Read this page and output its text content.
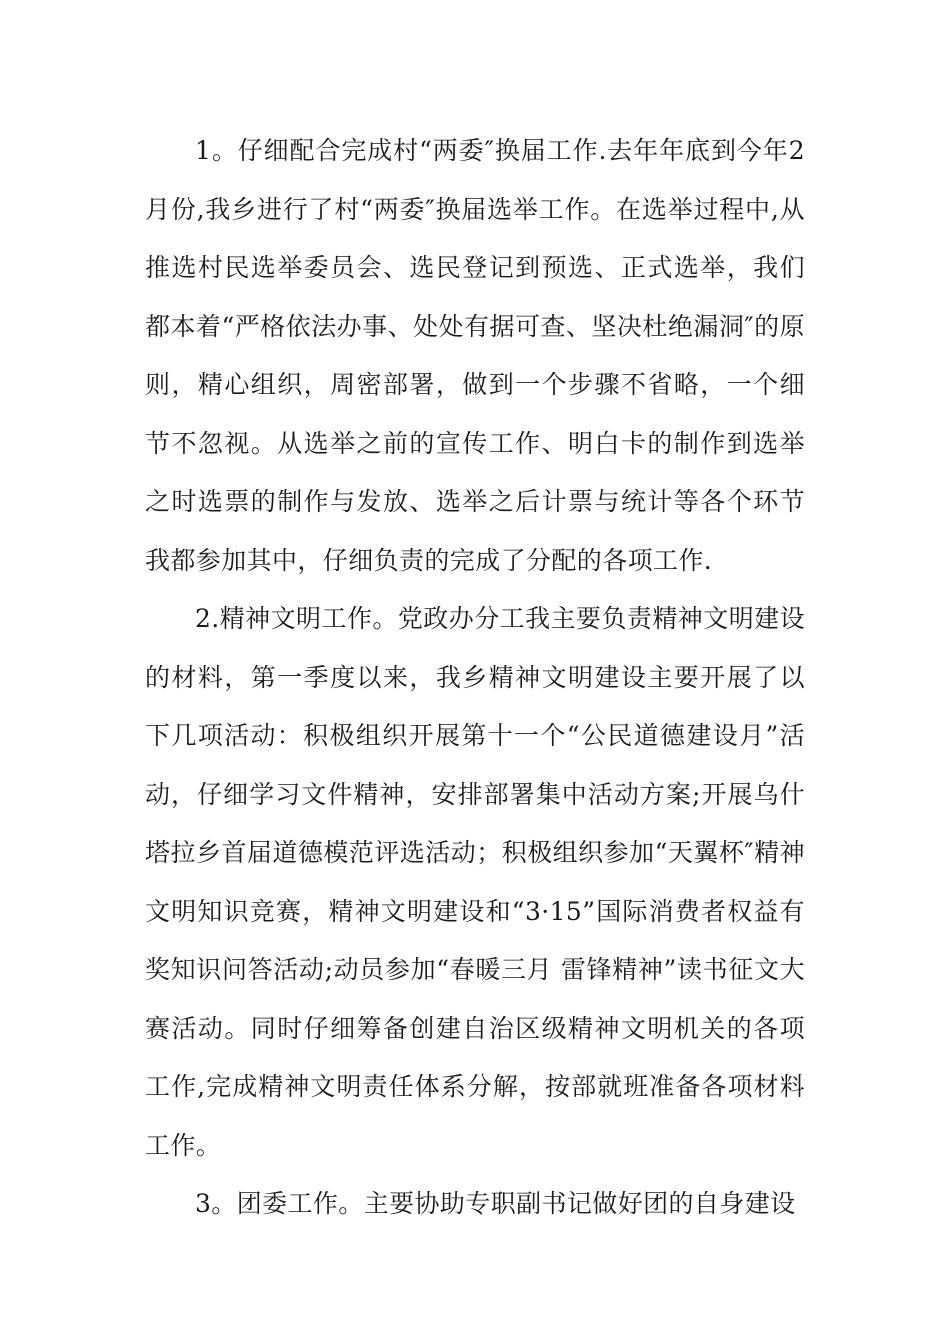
1。仔细配合完成村“两委″换届工作.去年年底到今年2月份,我乡进行了村“两委″换届选举工作。在选举过程中,从推选村民选举委员会、选民登记到预选、正式选举，我们都本着“严格依法办事、处处有据可查、坚决杜绝漏洞″的原则，精心组织，周密部署，做到一个步骤不省略，一个细节不忽视。从选举之前的宣传工作、明白卡的制作到选举之时选票的制作与发放、选举之后计票与统计等各个环节我都参加其中，仔细负责的完成了分配的各项工作.

2.精神文明工作。党政办分工我主要负责精神文明建设的材料，第一季度以来，我乡精神文明建设主要开展了以下几项活动：积极组织开展第十一个“公民道德建设月”活动，仔细学习文件精神，安排部署集中活动方案;开展乌什塔拉乡首届道德模范评选活动；积极组织参加“天翼杯″精神文明知识竞赛，精神文明建设和“3·15”国际消费者权益有奖知识问答活动;动员参加“春暖三月 雷锋精神”读书征文大赛活动。同时仔细筹备创建自治区级精神文明机关的各项工作,完成精神文明责任体系分解，按部就班准备各项材料工作。

3。团委工作。主要协助专职副书记做好团的自身建设
